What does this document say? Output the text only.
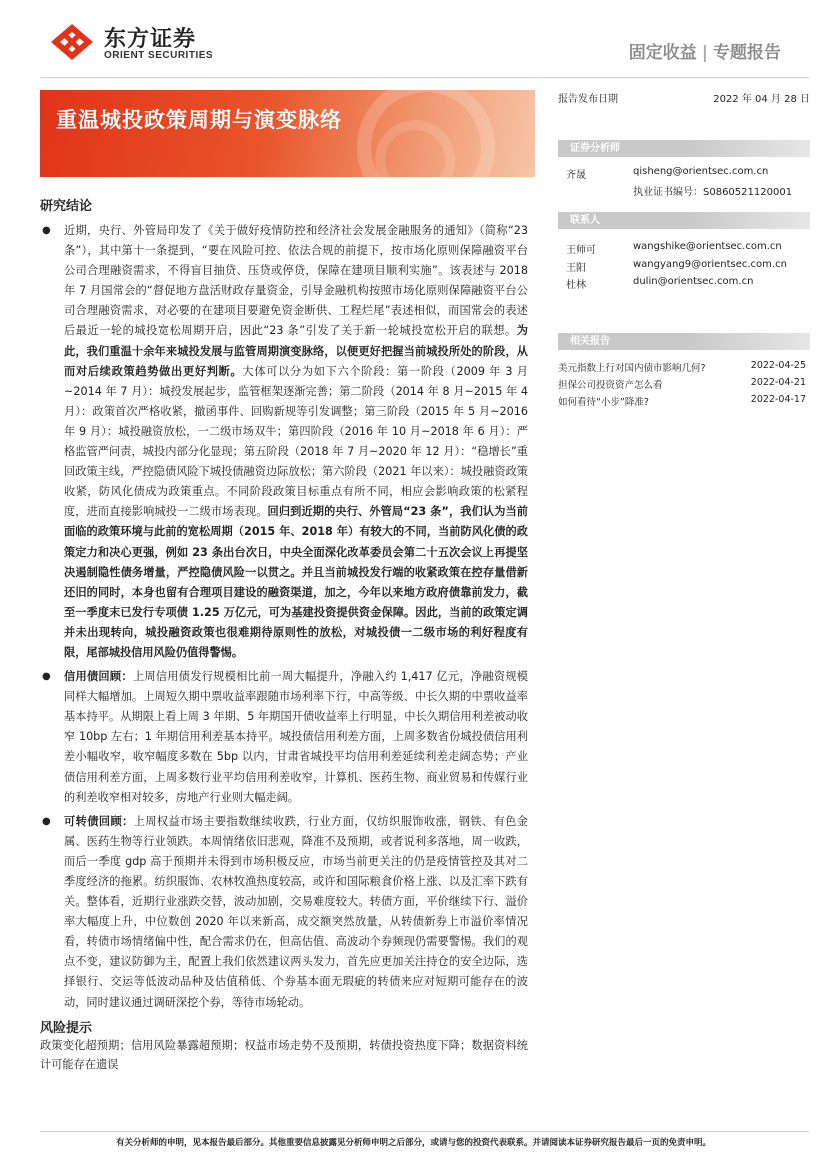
东方证券
ORIENT SECURITIES	固定收益 | 专题报告
重温城投政策周期与演变脉络
报告发布日期	2022 年 04 月 28 日
证券分析师
齐晟	qisheng@orientsec.com.cn
执业证书编号：S0860521120001
联系人
王师可	wangshike@orientsec.com.cn
王阳	wangyang9@orientsec.com.cn
杜林	dulin@orientsec.com.cn
相关报告
美元指数上行对国内债市影响几何?	2022-04-25
担保公司投资资产怎么看	2022-04-21
如何看待“小步”降准?	2022-04-17
研究结论
● 近期，央行、外管局印发了《关于做好疫情防控和经济社会发展金融服务的通知》（简称“23 条”），其中第十一条提到，“要在风险可控、依法合规的前提下，按市场化原则保障融资平台公司合理融资需求，不得盲目抽贷、压贷或停贷，保障在建项目顺利实施”。该表述与 2018 年 7 月国常会的“督促地方盘活财政存量资金，引导金融机构按照市场化原则保障融资平台公司合理融资需求，对必要的在建项目要避免资金断供、工程烂尾”表述相似，而国常会的表述后最近一轮的城投宽松周期开启，因此“23 条”引发了关于新一轮城投宽松开启的联想。为此，我们重温十余年来城投发展与监管周期演变脉络，以便更好把握当前城投所处的阶段，从而对后续政策趋势做出更好判断。大体可以分为如下六个阶段：第一阶段（2009 年 3 月~2014 年 7 月）：城投发展起步，监管框架逐渐完善；第二阶段（2014 年 8 月~2015 年 4 月）：政策首次严格收紧，撤函事件、回购新规等引发调整；第三阶段（2015 年 5 月~2016 年 9 月）：城投融资放松，一二级市场双牛；第四阶段（2016 年 10 月~2018 年 6 月）：严格监管严问责，城投内部分化显现；第五阶段（2018 年 7 月~2020 年 12 月）：“稳增长”重回政策主线，严控隐债风险下城投债融资边际放松；第六阶段（2021 年以来）：城投融资政策收紧，防风化债成为政策重点。不同阶段政策目标重点有所不同，相应会影响政策的松紧程度，进而直接影响城投一二级市场表现。回归到近期的央行、外管局“23 条”，我们认为当前面临的政策环境与此前的宽松周期（2015 年、2018 年）有较大的不同，当前防风化债的政策定力和决心更强，例如 23 条出台次日，中央全面深化改革委员会第二十五次会议上再提坚决遏制隐性债务增量，严控隐债风险一以贯之。并且当前城投发行端的收紧政策在控存量借新还旧的同时，本身也留有合理项目建设的融资渠道，加之，今年以来地方政府债靠前发力，截至一季度末已发行专项债 1.25 万亿元，可为基建投资提供资金保障。因此，当前的政策定调并未出现转向，城投融资政策也很难期待原则性的放松，对城投债一二级市场的利好程度有限，尾部城投信用风险仍值得警惕。
● 信用债回顾：上周信用债发行规模相比前一周大幅提升，净融入约 1,417 亿元，净融资规模同样大幅增加。上周短久期中票收益率跟随市场利率下行，中高等级、中长久期的中票收益率基本持平。从期限上看上周 3 年期、5 年期国开债收益率上行明显，中长久期信用利差被动收窄 10bp 左右；1 年期信用利差基本持平。城投债信用利差方面，上周多数省份城投债信用利差小幅收窄，收窄幅度多数在 5bp 以内，甘肃省城投平均信用利差延续利差走阔态势；产业债信用利差方面，上周多数行业平均信用利差收窄，计算机、医药生物、商业贸易和传媒行业的利差收窄相对较多，房地产行业则大幅走阔。
● 可转债回顾：上周权益市场主要指数继续收跌，行业方面，仅纺织服饰收涨，钢铁、有色金属、医药生物等行业领跌。本周情绪依旧悲观，降准不及预期，或者说利多落地，周一收跌，而后一季度 gdp 高于预期并未得到市场积极反应，市场当前更关注的仍是疫情管控及其对二季度经济的拖累。纺织服饰、农林牧渔热度较高，或许和国际粮食价格上涨、以及汇率下跌有关。整体看，近期行业涨跌交替，波动加剧，交易难度较大。转债方面，平价继续下行、溢价率大幅度上升，中位数创 2020 年以来新高，成交额突然放量，从转债新券上市溢价率情况看，转债市场情绪偏中性，配合需求仍在，但高估值、高波动个券频现仍需要警惕。我们的观点不变，建议防御为主，配置上我们依然建议两头发力，首先应更加关注持仓的安全边际，选择银行、交运等低波动品种及估值稍低、个券基本面无瑕疵的转债来应对短期可能存在的波动，同时建议通过调研深挖个券，等待市场轮动。
风险提示
政策变化超预期；信用风险暴露超预期；权益市场走势不及预期，转债投资热度下降；数据资料统计可能存在遗误
有关分析师的申明，见本报告最后部分。其他重要信息披露见分析师申明之后部分，或请与您的投资代表联系。并请阅读本证券研究报告最后一页的免责申明。
